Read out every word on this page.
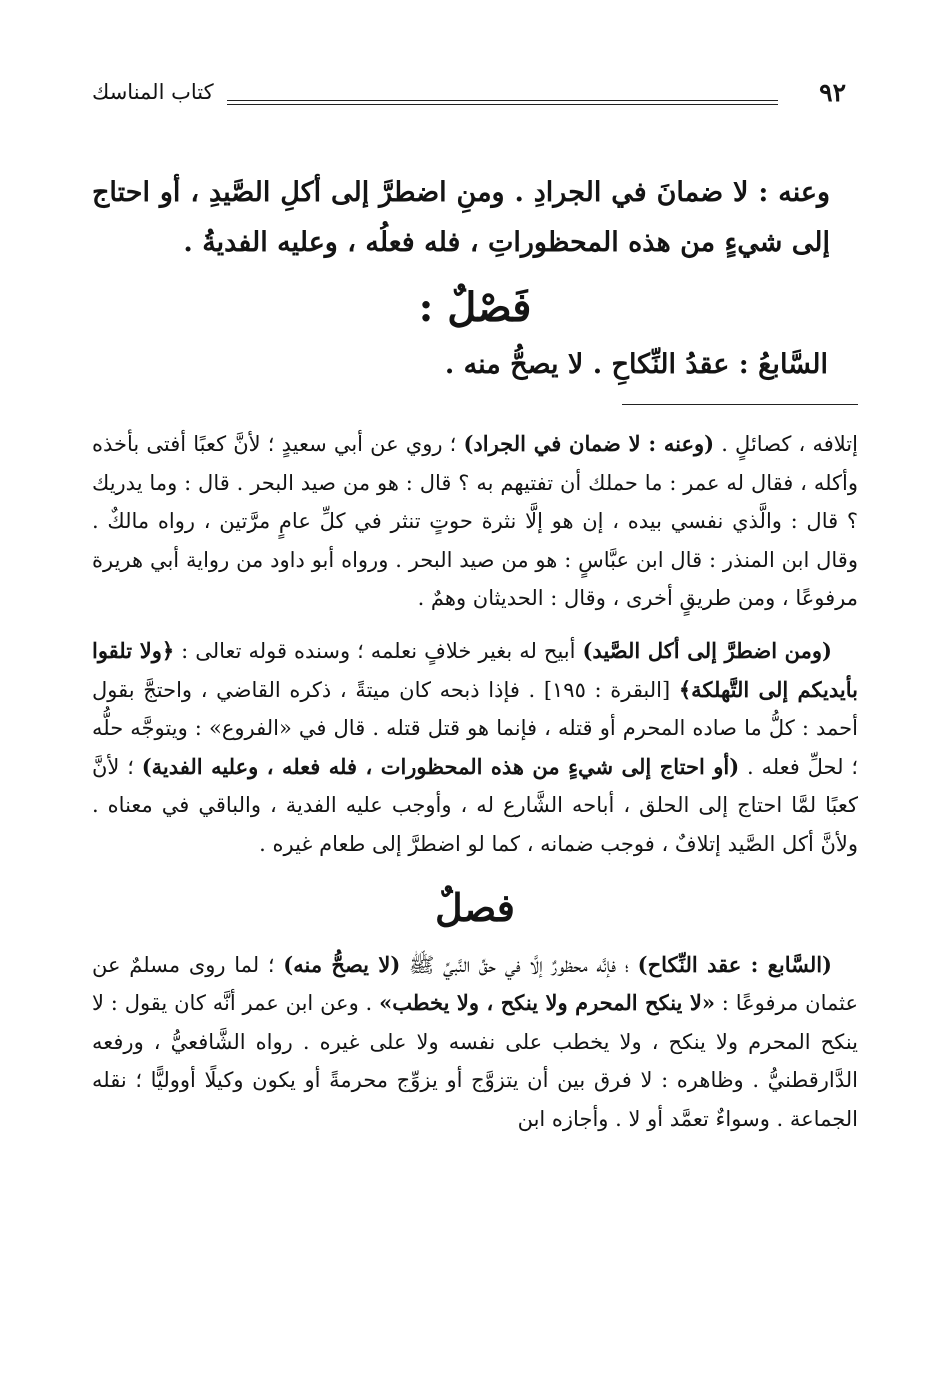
٩٢
كتاب المناسك

وعنه : لا ضمانَ في الجرادِ . ومنِ اضطرَّ إلى أكلِ الصَّيدِ ، أو احتاج إلى شيءٍ من هذه المحظوراتِ ، فله فعلُه ، وعليه الفديةُ .

فَصْلٌ :

السَّابعُ : عقدُ النِّكاحِ . لا يصحُّ منه .

إتلافه ، كصائلٍ . (وعنه : لا ضمان في الجراد) ؛ روي عن أبي سعيدٍ ؛ لأنَّ كعبًا أفتى بأخذه وأكله ، فقال له عمر : ما حملك أن تفتيهم به ؟ قال : هو من صيد البحر . قال : وما يدريك ؟ قال : والَّذي نفسي بيده ، إن هو إلَّا نثرة حوتٍ تنثر في كلِّ عامٍ مرَّتين ، رواه مالكٌ . وقال ابن المنذر : قال ابن عبَّاسٍ : هو من صيد البحر . ورواه أبو داود من رواية أبي هريرة مرفوعًا ، ومن طريقٍ أخرى ، وقال : الحديثان وهمٌ .

(ومن اضطرَّ إلى أكل الصَّيد) أبيح له بغير خلافٍ نعلمه ؛ وسنده قوله تعالى : ﴿ولا تلقوا بأيديكم إلى التَّهلكة﴾ [البقرة : ١٩٥] . فإذا ذبحه كان ميتةً ، ذكره القاضي ، واحتجَّ بقول أحمد : كلُّ ما صاده المحرم أو قتله ، فإنما هو قتل قتله . قال في «الفروع» : ويتوجَّه حلُّه ؛ لحلِّ فعله . (أو احتاج إلى شيءٍ من هذه المحظورات ، فله فعله ، وعليه الفدية) ؛ لأنَّ كعبًا لمَّا احتاج إلى الحلق ، أباحه الشَّارع له ، وأوجب عليه الفدية ، والباقي في معناه . ولأنَّ أكل الصَّيد إتلافٌ ، فوجب ضمانه ، كما لو اضطرَّ إلى طعام غيره .

فصلٌ

(السَّابع : عقد النِّكاح) ؛ فإنَّه محظورٌ إلَّا في حقِّ النَّبيِّ ﷺ (لا يصحُّ منه) ؛ لما روى مسلمٌ عن عثمان مرفوعًا : «لا ينكح المحرم ولا ينكح ، ولا يخطب» . وعن ابن عمر أنَّه كان يقول : لا ينكح المحرم ولا ينكح ، ولا يخطب على نفسه ولا على غيره . رواه الشَّافعيُّ ، ورفعه الدَّارقطنيُّ . وظاهره : لا فرق بين أن يتزوَّج أو يزوِّج محرمةً أو يكون وكيلًا أووليًّا ؛ نقله الجماعة . وسواءٌ تعمَّد أو لا . وأجازه ابن
